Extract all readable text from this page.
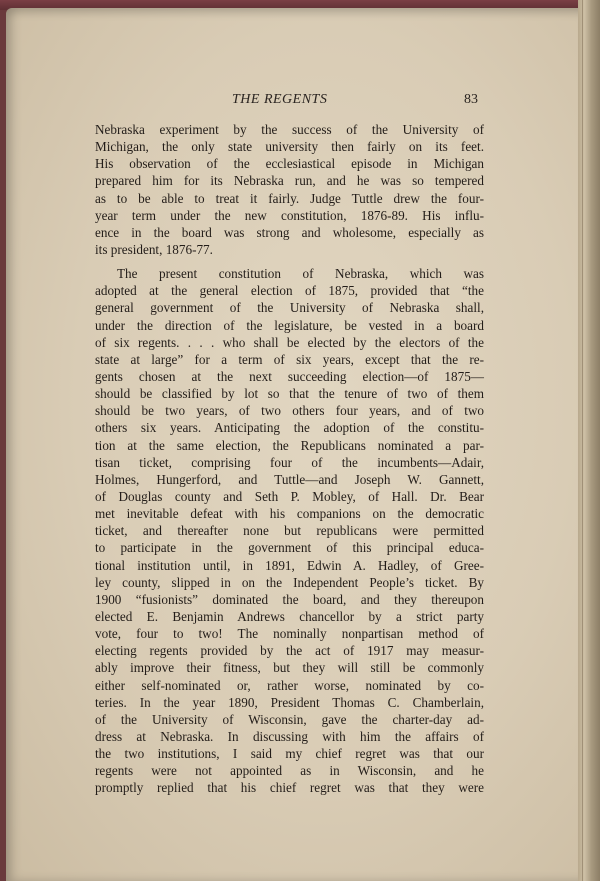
THE REGENTS	83
Nebraska experiment by the success of the University of
Michigan, the only state university then fairly on its feet.
His observation of the ecclesiastical episode in Michigan
prepared him for its Nebraska run, and he was so tempered
as to be able to treat it fairly. Judge Tuttle drew the four-
year term under the new constitution, 1876-89. His influ-
ence in the board was strong and wholesome, especially as
its president, 1876-77.
The present constitution of Nebraska, which was
adopted at the general election of 1875, provided that “the
general government of the University of Nebraska shall,
under the direction of the legislature, be vested in a board
of six regents. . . . who shall be elected by the electors of the
state at large” for a term of six years, except that the re-
gents chosen at the next succeeding election—of 1875—
should be classified by lot so that the tenure of two of them
should be two years, of two others four years, and of two
others six years. Anticipating the adoption of the constitu-
tion at the same election, the Republicans nominated a par-
tisan ticket, comprising four of the incumbents—Adair,
Holmes, Hungerford, and Tuttle—and Joseph W. Gannett,
of Douglas county and Seth P. Mobley, of Hall. Dr. Bear
met inevitable defeat with his companions on the democratic
ticket, and thereafter none but republicans were permitted
to participate in the government of this principal educa-
tional institution until, in 1891, Edwin A. Hadley, of Gree-
ley county, slipped in on the Independent People’s ticket. By
1900 “fusionists” dominated the board, and they thereupon
elected E. Benjamin Andrews chancellor by a strict party
vote, four to two! The nominally nonpartisan method of
electing regents provided by the act of 1917 may measur-
ably improve their fitness, but they will still be commonly
either self-nominated or, rather worse, nominated by co-
teries. In the year 1890, President Thomas C. Chamberlain,
of the University of Wisconsin, gave the charter-day ad-
dress at Nebraska. In discussing with him the affairs of
the two institutions, I said my chief regret was that our
regents were not appointed as in Wisconsin, and he
promptly replied that his chief regret was that they were
